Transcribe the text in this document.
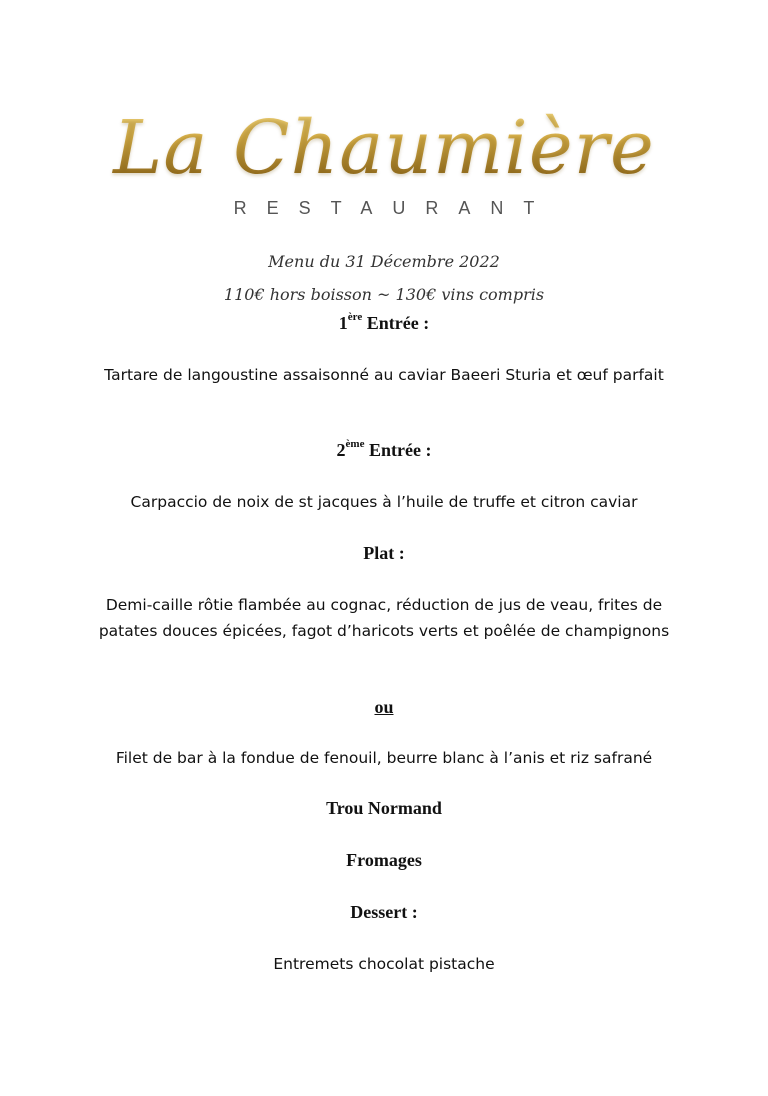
La Chaumière
RESTAURANT
Menu du 31 Décembre 2022
110€ hors boisson ~ 130€ vins compris
1ère Entrée :
Tartare de langoustine assaisonné au caviar Baeeri Sturia et œuf parfait
2ème Entrée :
Carpaccio de noix de st jacques à l’huile de truffe et citron caviar
Plat :
Demi-caille rôtie flambée au cognac, réduction de jus de veau, frites de patates douces épicées, fagot d’haricots verts et poêlée de champignons
ou
Filet de bar à la fondue de fenouil, beurre blanc à l’anis et riz safrané
Trou Normand
Fromages
Dessert :
Entremets chocolat pistache
